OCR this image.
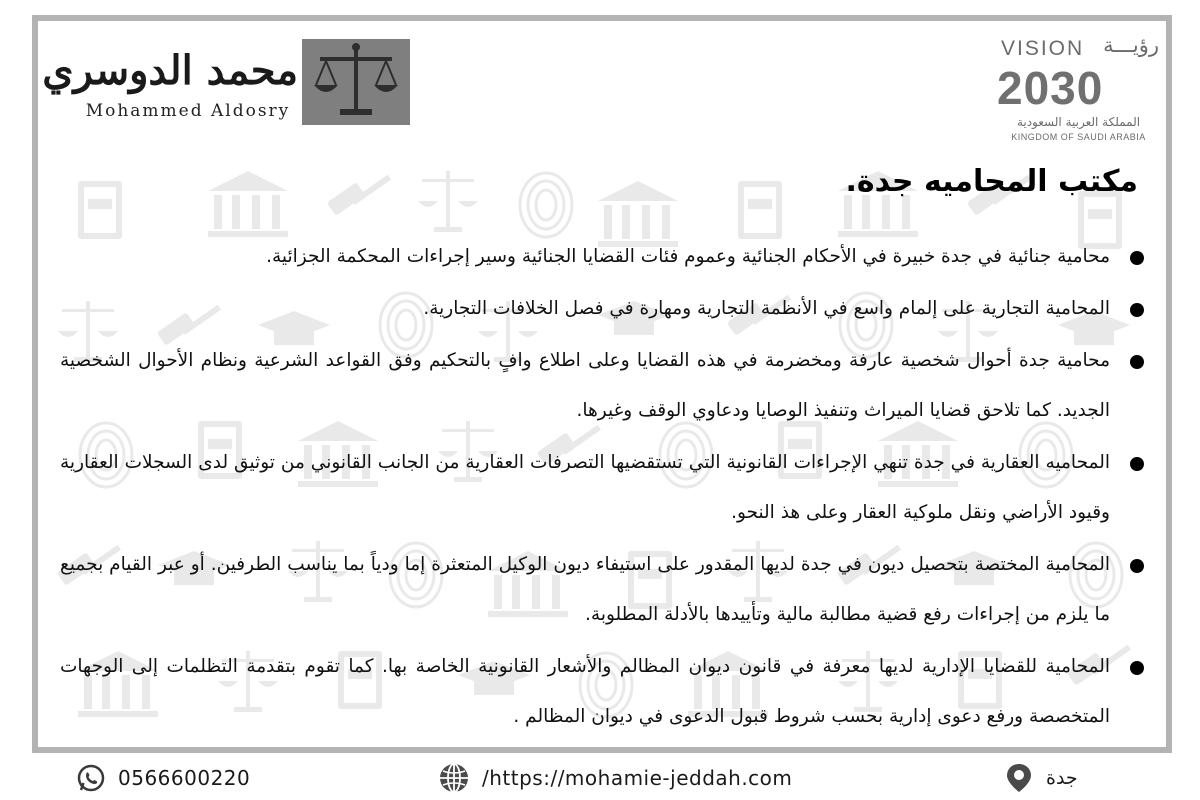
محمد الدوسري
Mohammed Aldosry
VISION رؤيـــة
2030
المملكة العربية السعودية
KINGDOM OF SAUDI ARABIA
مكتب المحاميه جدة.
محامية جنائية في جدة خبيرة في الأحكام الجنائية وعموم فئات القضايا الجنائية وسير إجراءات المحكمة الجزائية.
المحامية التجارية على إلمام واسع في الأنظمة التجارية ومهارة في فصل الخلافات التجارية.
محامية جدة أحوال شخصية عارفة ومخضرمة في هذه القضايا وعلى اطلاع وافٍ بالتحكيم وفق القواعد الشرعية ونظام الأحوال الشخصية الجديد. كما تلاحق قضايا الميراث وتنفيذ الوصايا ودعاوي الوقف وغيرها.
المحاميه العقارية في جدة تنهي الإجراءات القانونية التي تستقضيها التصرفات العقارية من الجانب القانوني من توثيق لدى السجلات العقارية وقيود الأراضي ونقل ملوكية العقار وعلى هذ النحو.
المحامية المختصة بتحصيل ديون في جدة لديها المقدور على استيفاء ديون الوكيل المتعثرة إما ودياً بما يناسب الطرفين. أو عبر القيام بجميع ما يلزم من إجراءات رفع قضية مطالبة مالية وتأييدها بالأدلة المطلوبة.
المحامية للقضايا الإدارية لديها معرفة في قانون ديوان المظالم والأشعار القانونية الخاصة بها. كما تقوم بتقدمة التظلمات إلى الوجهات المتخصصة ورفع دعوى إدارية بحسب شروط قبول الدعوى في ديوان المظالم .
0566600220	/https://mohamie-jeddah.com	جدة
